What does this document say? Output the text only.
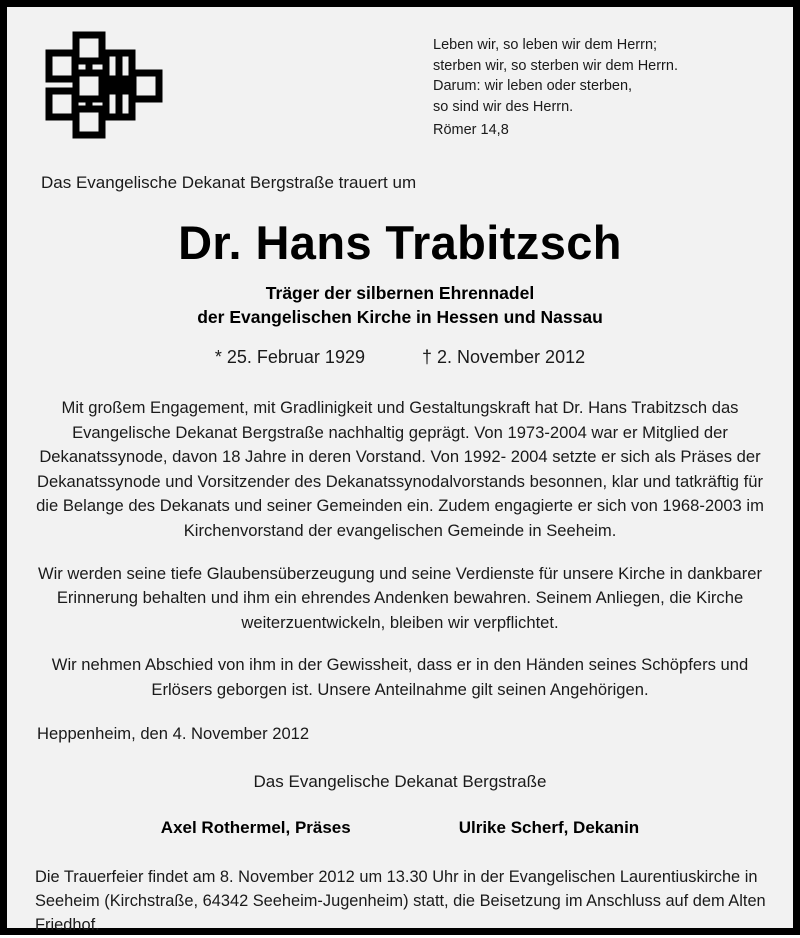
Leben wir, so leben wir dem Herrn;
sterben wir, so sterben wir dem Herrn.
Darum: wir leben oder sterben,
so sind wir des Herrn.
Römer 14,8
Das Evangelische Dekanat Bergstraße trauert um
Dr. Hans Trabitzsch
Träger der silbernen Ehrennadel
der Evangelischen Kirche in Hessen und Nassau
* 25. Februar 1929	† 2. November 2012

Mit großem Engagement, mit Gradlinigkeit und Gestaltungskraft hat Dr. Hans Trabitzsch das Evangelische Dekanat Bergstraße nachhaltig geprägt. Von 1973-2004 war er Mitglied der Dekanatssynode, davon 18 Jahre in deren Vorstand. Von 1992- 2004 setzte er sich als Präses der Dekanatssynode und Vorsitzender des Dekanatssynodalvorstands besonnen, klar und tatkräftig für die Belange des Dekanats und seiner Gemeinden ein. Zudem engagierte er sich von 1968-2003 im Kirchenvorstand der evangelischen Gemeinde in Seeheim.

Wir werden seine tiefe Glaubensüberzeugung und seine Verdienste für unsere Kirche in dankbarer Erinnerung behalten und ihm ein ehrendes Andenken bewahren. Seinem Anliegen, die Kirche weiterzuentwickeln, bleiben wir verpflichtet.

Wir nehmen Abschied von ihm in der Gewissheit, dass er in den Händen seines Schöpfers und Erlösers geborgen ist. Unsere Anteilnahme gilt seinen Angehörigen.

Heppenheim, den 4. November 2012
Das Evangelische Dekanat Bergstraße
Axel Rothermel, Präses	Ulrike Scherf, Dekanin
Die Trauerfeier findet am 8. November 2012 um 13.30 Uhr in der Evangelischen Laurentiuskirche in Seeheim (Kirchstraße, 64342 Seeheim-Jugenheim) statt, die Beisetzung im Anschluss auf dem Alten Friedhof.
